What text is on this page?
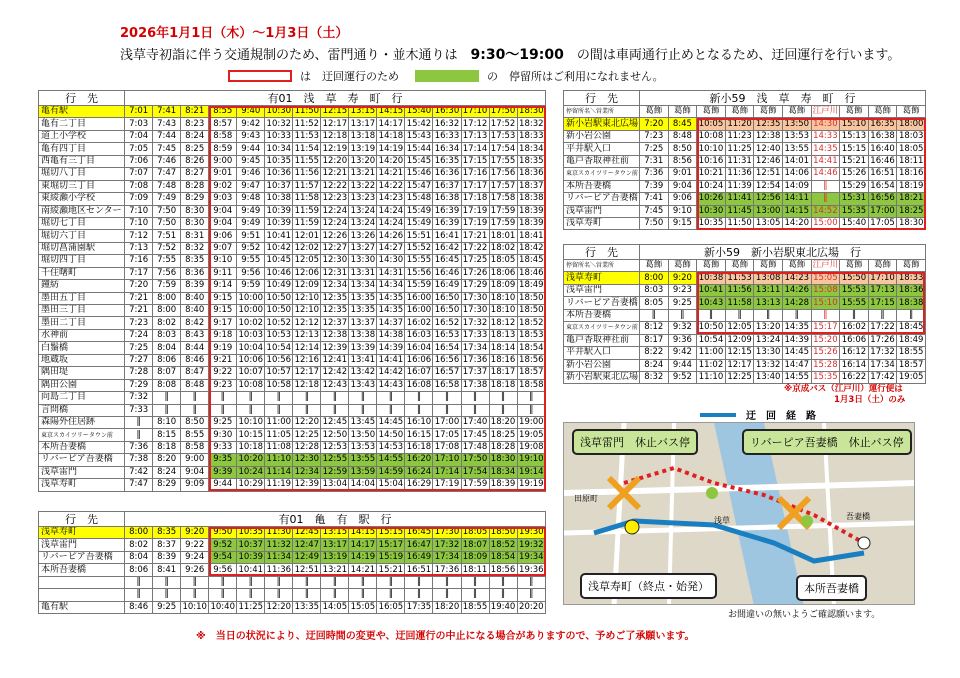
2026年1月1日（木）～1月3日（土）
浅草寺初詣に伴う交通規制のため、雷門通り・並木通りは　9:30～19:00　の間は車両通行止めとなるため、迂回運行を行います。
は　迂回運行のため	の　停留所はご利用になれません。
行　先	有01　浅　草　寿　町　行														
亀有駅	7:01	7:41	8:21	8:55	9:40	10:30	11:50	12:15	13:15	14:15	15:40	16:30	17:10	17:50	18:30
亀有二丁目	7:03	7:43	8:23	8:57	9:42	10:32	11:52	12:17	13:17	14:17	15:42	16:32	17:12	17:52	18:32
道上小学校	7:04	7:44	8:24	8:58	9:43	10:33	11:53	12:18	13:18	14:18	15:43	16:33	17:13	17:53	18:33
亀有四丁目	7:05	7:45	8:25	8:59	9:44	10:34	11:54	12:19	13:19	14:19	15:44	16:34	17:14	17:54	18:34
西亀有三丁目	7:06	7:46	8:26	9:00	9:45	10:35	11:55	12:20	13:20	14:20	15:45	16:35	17:15	17:55	18:35
堀切八丁目	7:07	7:47	8:27	9:01	9:46	10:36	11:56	12:21	13:21	14:21	15:46	16:36	17:16	17:56	18:36
東堀切三丁目	7:08	7:48	8:28	9:02	9:47	10:37	11:57	12:22	13:22	14:22	15:47	16:37	17:17	17:57	18:37
東綾瀬小学校	7:09	7:49	8:29	9:03	9:48	10:38	11:58	12:23	13:23	14:23	15:48	16:38	17:18	17:58	18:38
南綾瀬地区センター	7:10	7:50	8:30	9:04	9:49	10:39	11:59	12:24	13:24	14:24	15:49	16:39	17:19	17:59	18:39
堀切七丁目	7:10	7:50	8:30	9:04	9:49	10:39	11:59	12:24	13:24	14:24	15:49	16:39	17:19	17:59	18:39
堀切六丁目	7:12	7:51	8:31	9:06	9:51	10:41	12:01	12:26	13:26	14:26	15:51	16:41	17:21	18:01	18:41
堀切菖蒲園駅	7:13	7:52	8:32	9:07	9:52	10:42	12:02	12:27	13:27	14:27	15:52	16:42	17:22	18:02	18:42
堀切四丁目	7:16	7:55	8:35	9:10	9:55	10:45	12:05	12:30	13:30	14:30	15:55	16:45	17:25	18:05	18:45
千住曙町	7:17	7:56	8:36	9:11	9:56	10:46	12:06	12:31	13:31	14:31	15:56	16:46	17:26	18:06	18:46
鐘紡	7:20	7:59	8:39	9:14	9:59	10:49	12:09	12:34	13:34	14:34	15:59	16:49	17:29	18:09	18:49
墨田五丁目	7:21	8:00	8:40	9:15	10:00	10:50	12:10	12:35	13:35	14:35	16:00	16:50	17:30	18:10	18:50
墨田三丁目	7:21	8:00	8:40	9:15	10:00	10:50	12:10	12:35	13:35	14:35	16:00	16:50	17:30	18:10	18:50
墨田二丁目	7:23	8:02	8:42	9:17	10:02	10:52	12:12	12:37	13:37	14:37	16:02	16:52	17:32	18:12	18:52
水神前	7:24	8:03	8:43	9:18	10:03	10:53	12:13	12:38	13:38	14:38	16:03	16:53	17:33	18:13	18:53
白鬚橋	7:25	8:04	8:44	9:19	10:04	10:54	12:14	12:39	13:39	14:39	16:04	16:54	17:34	18:14	18:54
地蔵坂	7:27	8:06	8:46	9:21	10:06	10:56	12:16	12:41	13:41	14:41	16:06	16:56	17:36	18:16	18:56
隅田堤	7:28	8:07	8:47	9:22	10:07	10:57	12:17	12:42	13:42	14:42	16:07	16:57	17:37	18:17	18:57
隅田公園	7:29	8:08	8:48	9:23	10:08	10:58	12:18	12:43	13:43	14:43	16:08	16:58	17:38	18:18	18:58
向島二丁目	7:32	‖	‖	‖	‖	‖	‖	‖	‖	‖	‖	‖	‖	‖	‖
言問橋	7:33	‖	‖	‖	‖	‖	‖	‖	‖	‖	‖	‖	‖	‖	‖
森陽外住居跡	‖	8:10	8:50	9:25	10:10	11:00	12:20	12:45	13:45	14:45	16:10	17:00	17:40	18:20	19:00
東京スカイツリータウン前	‖	8:15	8:55	9:30	10:15	11:05	12:25	12:50	13:50	14:50	16:15	17:05	17:45	18:25	19:05
本所吾妻橋	7:36	8:18	8:58	9:33	10:18	11:08	12:28	12:53	13:53	14:53	16:18	17:08	17:48	18:28	19:08
リバーピア吾妻橋	7:38	8:20	9:00	9:35	10:20	11:10	12:30	12:55	13:55	14:55	16:20	17:10	17:50	18:30	19:10
浅草雷門	7:42	8:24	9:04	9:39	10:24	11:14	12:34	12:59	13:59	14:59	16:24	17:14	17:54	18:34	19:14
浅草寿町	7:47	8:29	9:09	9:44	10:29	11:19	12:39	13:04	14:04	15:04	16:29	17:19	17:59	18:39	19:19
行　先	有01　亀　有　駅　行														
浅草寿町	8:00	8:35	9:20	9:50	10:35	11:30	12:45	13:15	14:15	15:15	16:45	17:30	18:05	18:50	19:30
浅草雷門	8:02	8:37	9:22	9:52	10:37	11:32	12:47	13:17	14:17	15:17	16:47	17:32	18:07	18:52	19:32
リバーピア吾妻橋	8:04	8:39	9:24	9:54	10:39	11:34	12:49	13:19	14:19	15:19	16:49	17:34	18:09	18:54	19:34
本所吾妻橋	8:06	8:41	9:26	9:56	10:41	11:36	12:51	13:21	14:21	15:21	16:51	17:36	18:11	18:56	19:36
	‖	‖	‖	‖	‖	‖	‖	‖	‖	‖	‖	‖	‖	‖	‖
	‖	‖	‖	‖	‖	‖	‖	‖	‖	‖	‖	‖	‖	‖	‖
亀有駅	8:46	9:25	10:10	10:40	11:25	12:20	13:35	14:05	15:05	16:05	17:35	18:20	18:55	19:40	20:20
行　先	新小59　浅　草　寿　町　行									
停留所名＼営業所	葛飾	葛飾	葛飾	葛飾	葛飾	葛飾	江戸川	葛飾	葛飾	葛飾
新小岩駅東北広場	7:20	8:45	10:05	11:20	12:35	13:50	14:30	15:10	16:35	18:00
新小岩公園	7:23	8:48	10:08	11:23	12:38	13:53	14:33	15:13	16:38	18:03
平井駅入口	7:25	8:50	10:10	11:25	12:40	13:55	14:35	15:15	16:40	18:05
亀戸香取神社前	7:31	8:56	10:16	11:31	12:46	14:01	14:41	15:21	16:46	18:11
東京スカイツリータウン前	7:36	9:01	10:21	11:36	12:51	14:06	14:46	15:26	16:51	18:16
本所吾妻橋	7:39	9:04	10:24	11:39	12:54	14:09	‖	15:29	16:54	18:19
リバーピア吾妻橋	7:41	9:06	10:26	11:41	12:56	14:11	‖	15:31	16:56	18:21
浅草雷門	7:45	9:10	10:30	11:45	13:00	14:15	14:52	15:35	17:00	18:25
浅草寿町	7:50	9:15	10:35	11:50	13:05	14:20	15:00	15:40	17:05	18:30
行　先	新小59　新小岩駅東北広場　行									
停留所名＼営業所	葛飾	葛飾	葛飾	葛飾	葛飾	葛飾	江戸川	葛飾	葛飾	葛飾
浅草寿町	8:00	9:20	10:38	11:53	13:08	14:23	15:05	15:50	17:10	18:33
浅草雷門	8:03	9:23	10:41	11:56	13:11	14:26	15:08	15:53	17:13	18:36
リバーピア吾妻橋	8:05	9:25	10:43	11:58	13:13	14:28	15:10	15:55	17:15	18:38
本所吾妻橋	‖	‖	‖	‖	‖	‖	‖	‖	‖	‖
東京スカイツリータウン前	8:12	9:32	10:50	12:05	13:20	14:35	15:17	16:02	17:22	18:45
亀戸香取神社前	8:17	9:36	10:54	12:09	13:24	14:39	15:20	16:06	17:26	18:49
平井駅入口	8:22	9:42	11:00	12:15	13:30	14:45	15:26	16:12	17:32	18:55
新小岩公園	8:24	9:44	11:02	12:17	13:32	14:47	15:28	16:14	17:34	18:57
新小岩駅東北広場	8:32	9:52	11:10	12:25	13:40	14:55	15:35	16:22	17:42	19:05
※京成バス（江戸川）運行便は
1月3日（土）のみ
迂　回　経　路
田原町
浅草	吾妻橋
浅草雷門　休止バス停	リバーピア吾妻橋　休止バス停
浅草寿町（終点・始発）	本所吾妻橋
お間違いの無いようご確認願います。
※　当日の状況により、迂回時間の変更や、迂回運行の中止になる場合がありますので、予めご了承願います。
